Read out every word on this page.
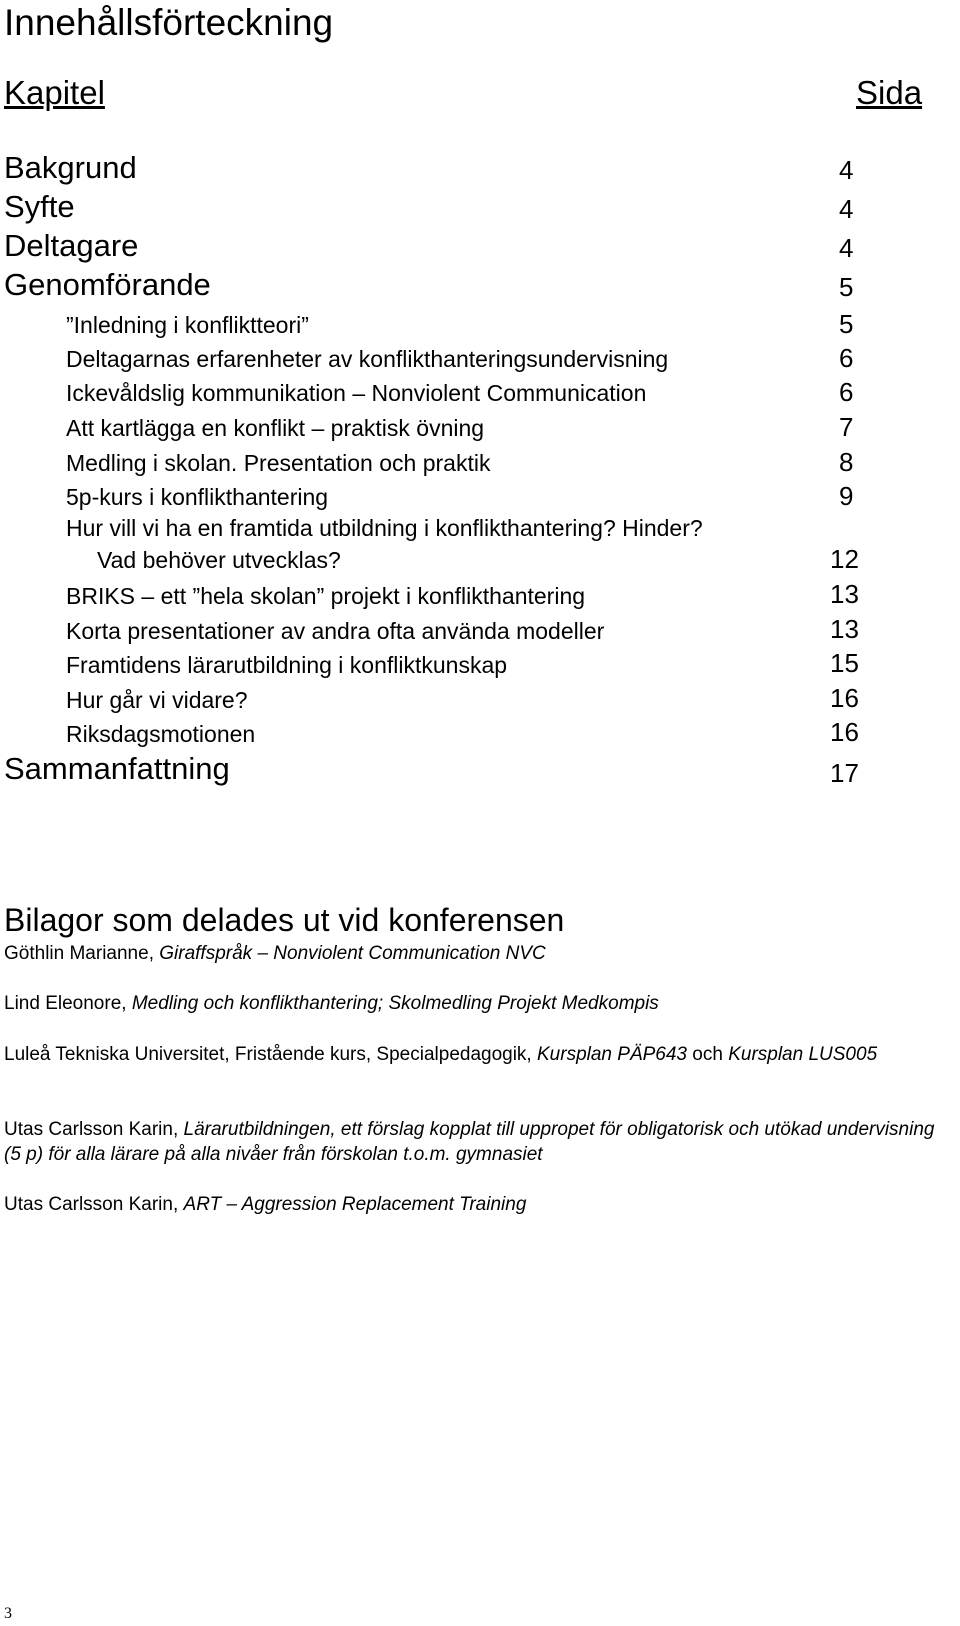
Innehållsförteckning
Kapitel	Sida
Bakgrund	4
Syfte	4
Deltagare	4
Genomförande	5
”Inledning i konfliktteori”	5
Deltagarnas erfarenheter av konflikthanteringsundervisning	6
Ickevåldslig kommunikation – Nonviolent Communication	6
Att kartlägga en konflikt – praktisk övning	7
Medling i skolan. Presentation och praktik	8
5p-kurs i konflikthantering	9
Hur vill vi ha en framtida utbildning i konflikthantering? Hinder?
Vad behöver utvecklas?	12
BRIKS – ett ”hela skolan” projekt i konflikthantering	13
Korta presentationer av andra ofta använda modeller	13
Framtidens lärarutbildning i konfliktkunskap	15
Hur går vi vidare?	16
Riksdagsmotionen	16
Sammanfattning	17
Bilagor som delades ut vid konferensen
Göthlin Marianne, Giraffspråk – Nonviolent Communication NVC
Lind Eleonore, Medling och konflikthantering; Skolmedling Projekt Medkompis
Luleå Tekniska Universitet, Fristående kurs, Specialpedagogik, Kursplan PÄP643 och Kursplan LUS005
Utas Carlsson Karin, Lärarutbildningen, ett förslag kopplat till uppropet för obligatorisk och utökad undervisning (5 p) för alla lärare på alla nivåer från förskolan t.o.m. gymnasiet
Utas Carlsson Karin, ART – Aggression Replacement Training
3
